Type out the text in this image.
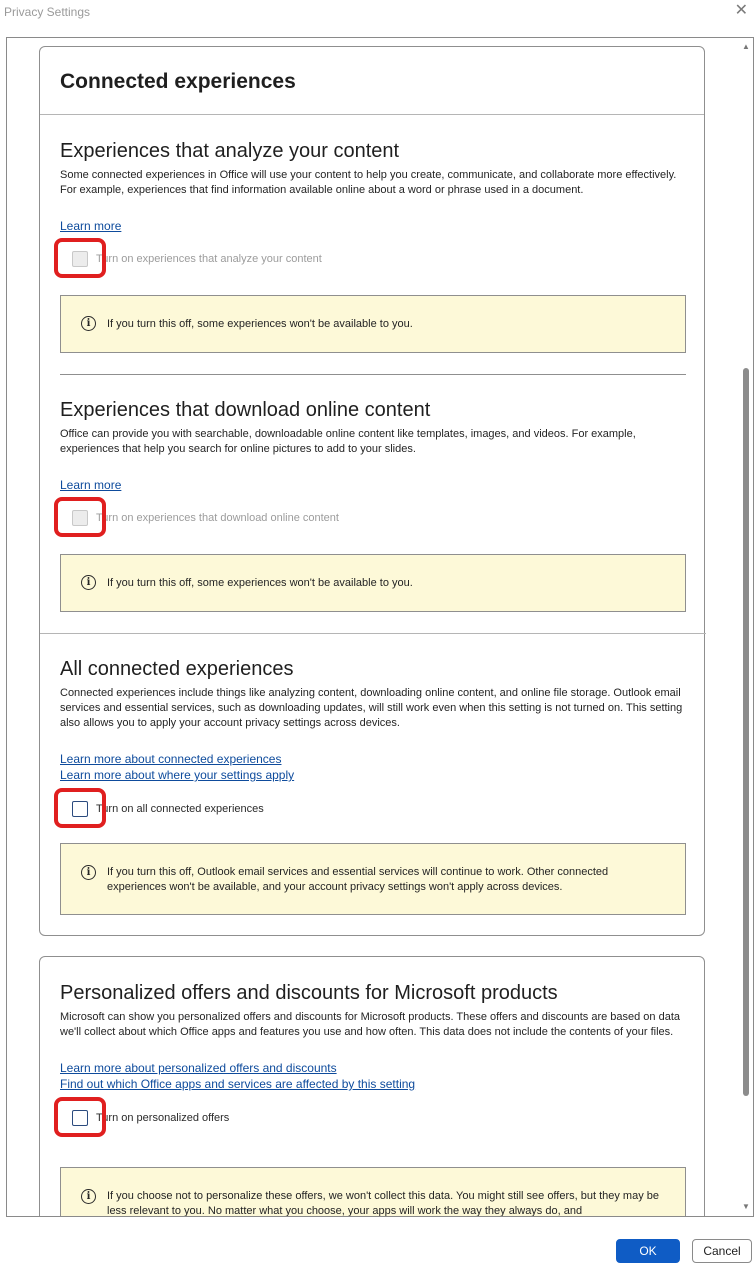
Privacy Settings	✕
Connected experiences
Experiences that analyze your content
Some connected experiences in Office will use your content to help you create, communicate, and collaborate more effectively. For example, experiences that find information available online about a word or phrase used in a document.
Learn more
Turn on experiences that analyze your content
i	If you turn this off, some experiences won't be available to you.
Experiences that download online content
Office can provide you with searchable, downloadable online content like templates, images, and videos. For example, experiences that help you search for online pictures to add to your slides.
Learn more
Turn on experiences that download online content
i	If you turn this off, some experiences won't be available to you.
All connected experiences
Connected experiences include things like analyzing content, downloading online content, and online file storage. Outlook email services and essential services, such as downloading updates, will still work even when this setting is not turned on. This setting also allows you to apply your account privacy settings across devices.
Learn more about connected experiences
Learn more about where your settings apply
Turn on all connected experiences
i	If you turn this off, Outlook email services and essential services will continue to work. Other connected experiences won't be available, and your account privacy settings won't apply across devices.
Personalized offers and discounts for Microsoft products
Microsoft can show you personalized offers and discounts for Microsoft products. These offers and discounts are based on data we'll collect about which Office apps and features you use and how often. This data does not include the contents of your files.
Learn more about personalized offers and discounts
Find out which Office apps and services are affected by this setting
Turn on personalized offers
i	If you choose not to personalize these offers, we won't collect this data. You might still see offers, but they may be less relevant to you. No matter what you choose, your apps will work the way they always do, and
▲
▼
OK	Cancel
